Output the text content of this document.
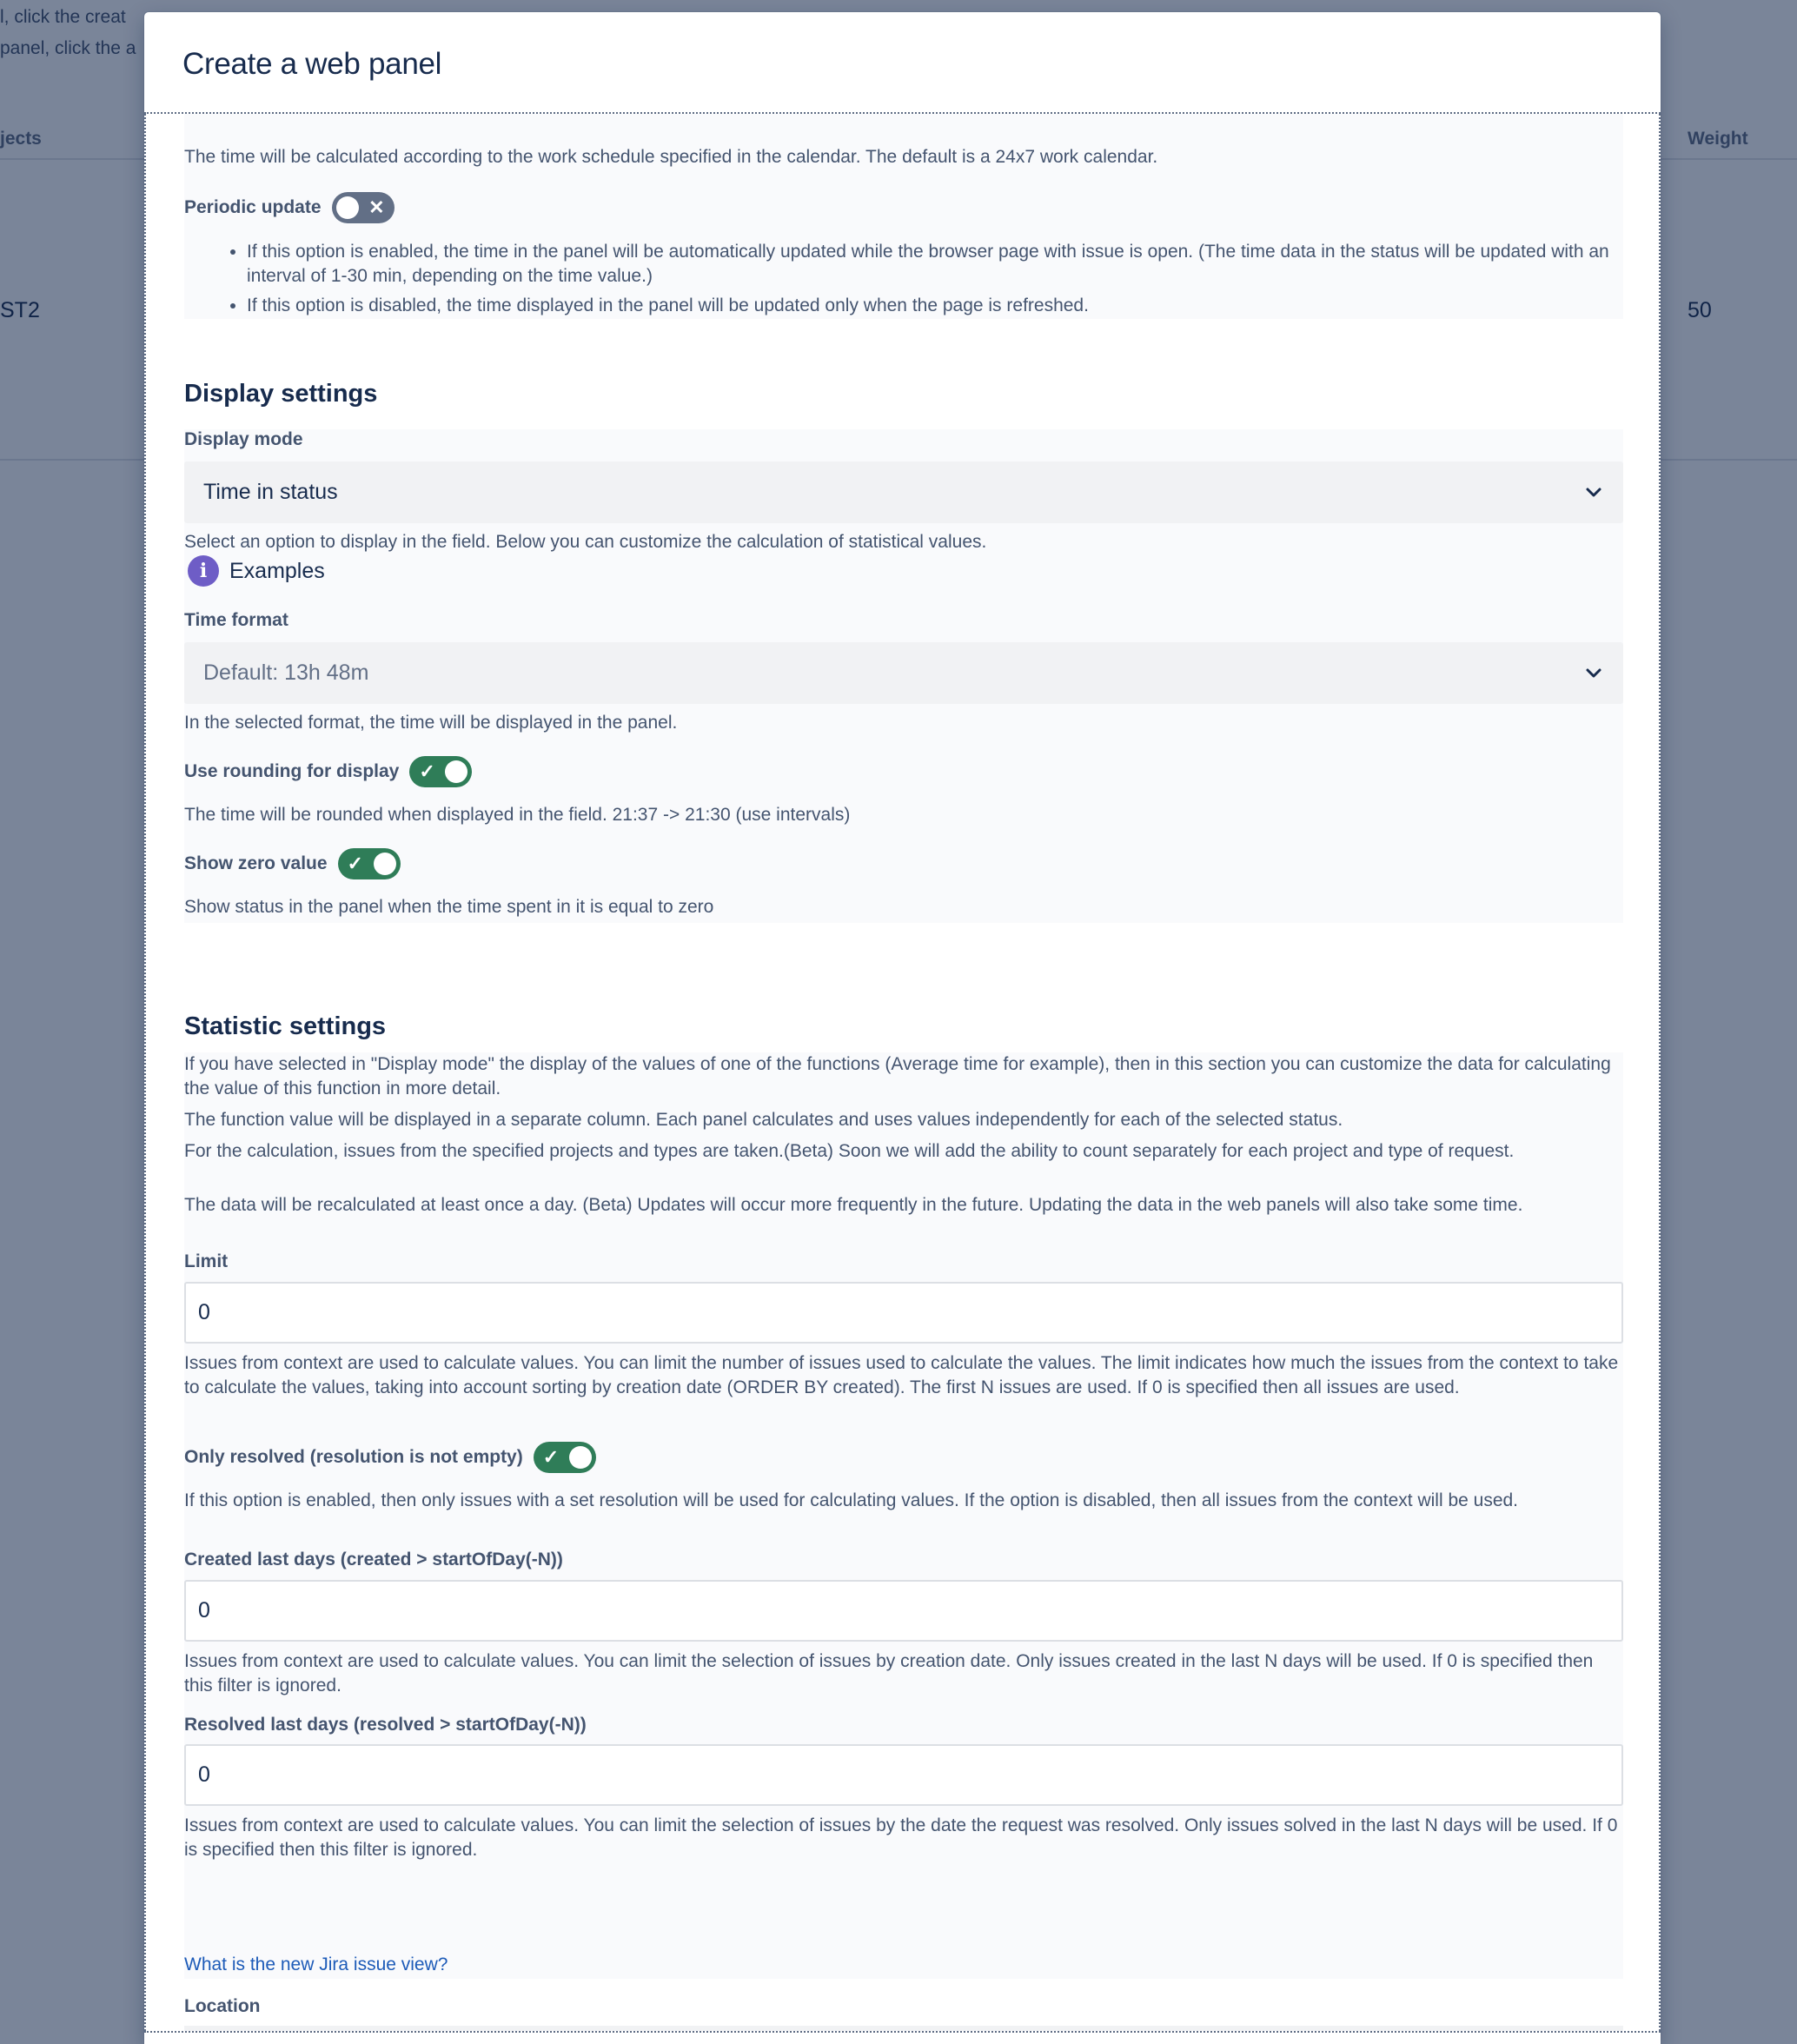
Create a web panel

The time will be calculated according to the work schedule specified in the calendar. The default is a 24x7 work calendar.

Periodic update ✕
• If this option is enabled, the time in the panel will be automatically updated while the browser page with issue is open. (The time data in the status will be updated with an interval of 1-30 min, depending on the time value.)
• If this option is disabled, the time displayed in the panel will be updated only when the page is refreshed.
Display settings
Display mode
Time in status

Select an option to display in the field. Below you can customize the calculation of statistical values.

i	Examples
Time format
Default: 13h 48m

In the selected format, the time will be displayed in the panel.

Use rounding for display ✓

The time will be rounded when displayed in the field. 21:37 -> 21:30 (use intervals)

Show zero value ✓

Show status in the panel when the time spent in it is equal to zero

Statistic settings

If you have selected in "Display mode" the display of the values of one of the functions (Average time for example), then in this section you can customize the data for calculating the value of this function in more detail.

The function value will be displayed in a separate column. Each panel calculates and uses values independently for each of the selected status.

For the calculation, issues from the specified projects and types are taken.(Beta) Soon we will add the ability to count separately for each project and type of request.

The data will be recalculated at least once a day. (Beta) Updates will occur more frequently in the future. Updating the data in the web panels will also take some time.

Limit
0

Issues from context are used to calculate values. You can limit the number of issues used to calculate the values. The limit indicates how much the issues from the context to take to calculate the values, taking into account sorting by creation date (ORDER BY created). The first N issues are used. If 0 is specified then all issues are used.

Only resolved (resolution is not empty) ✓

If this option is enabled, then only issues with a set resolution will be used for calculating values. If the option is disabled, then all issues from the context will be used.

Created last days (created > startOfDay(-N))
0

Issues from context are used to calculate values. You can limit the selection of issues by creation date. Only issues created in the last N days will be used. If 0 is specified then this filter is ignored.

Resolved last days (resolved > startOfDay(-N))
0

Issues from context are used to calculate values. You can limit the selection of issues by the date the request was resolved. Only issues solved in the last N days will be used. If 0 is specified then this filter is ignored.

What is the new Jira issue view?
Location
